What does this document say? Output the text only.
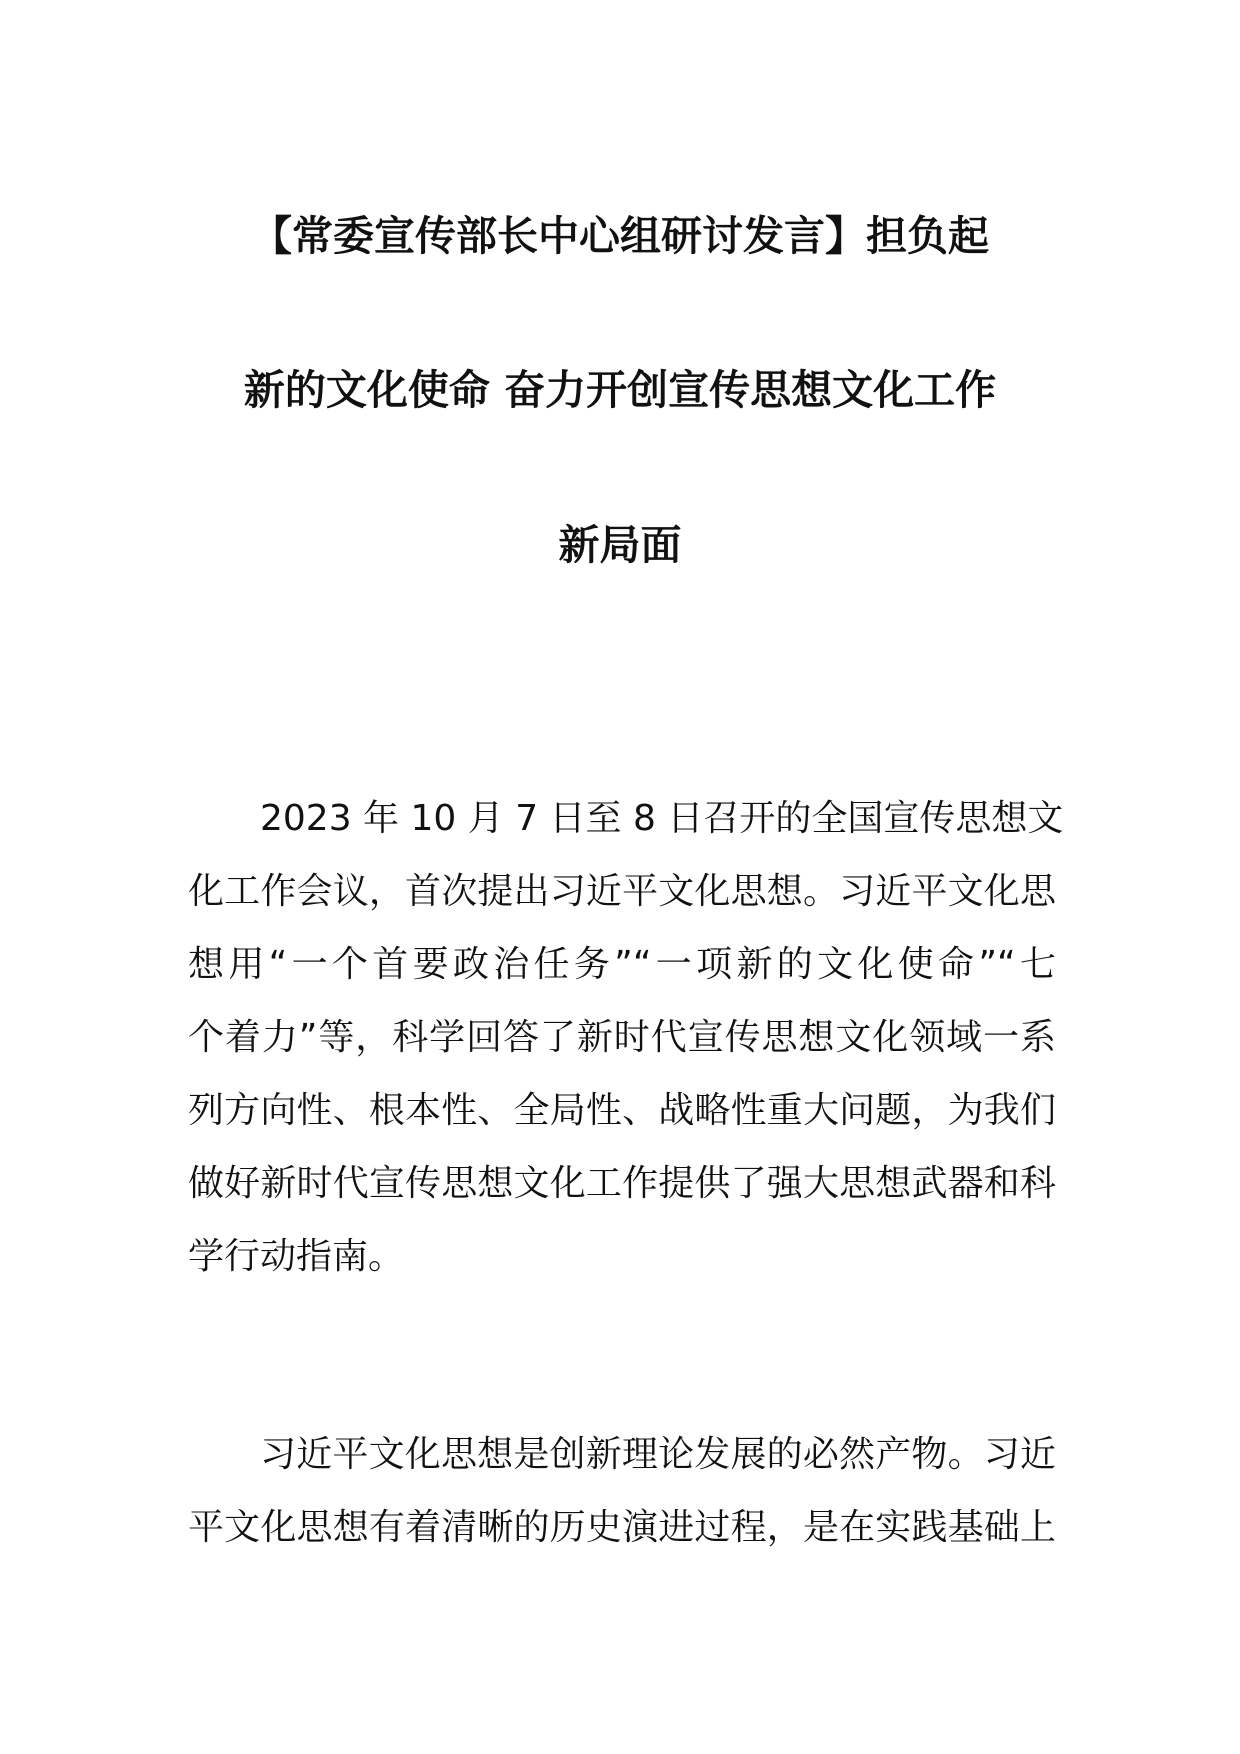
【常委宣传部长中心组研讨发言】担负起
新的文化使命 奋力开创宣传思想文化工作
新局面
2023 年 10 月 7 日至 8 日召开的全国宣传思想文
化工作会议，首次提出习近平文化思想。习近平文化思
想用“一个首要政治任务”“一项新的文化使命”“七
个着力”等，科学回答了新时代宣传思想文化领域一系
列方向性、根本性、全局性、战略性重大问题，为我们
做好新时代宣传思想文化工作提供了强大思想武器和科
学行动指南。
习近平文化思想是创新理论发展的必然产物。习近
平文化思想有着清晰的历史演进过程，是在实践基础上
